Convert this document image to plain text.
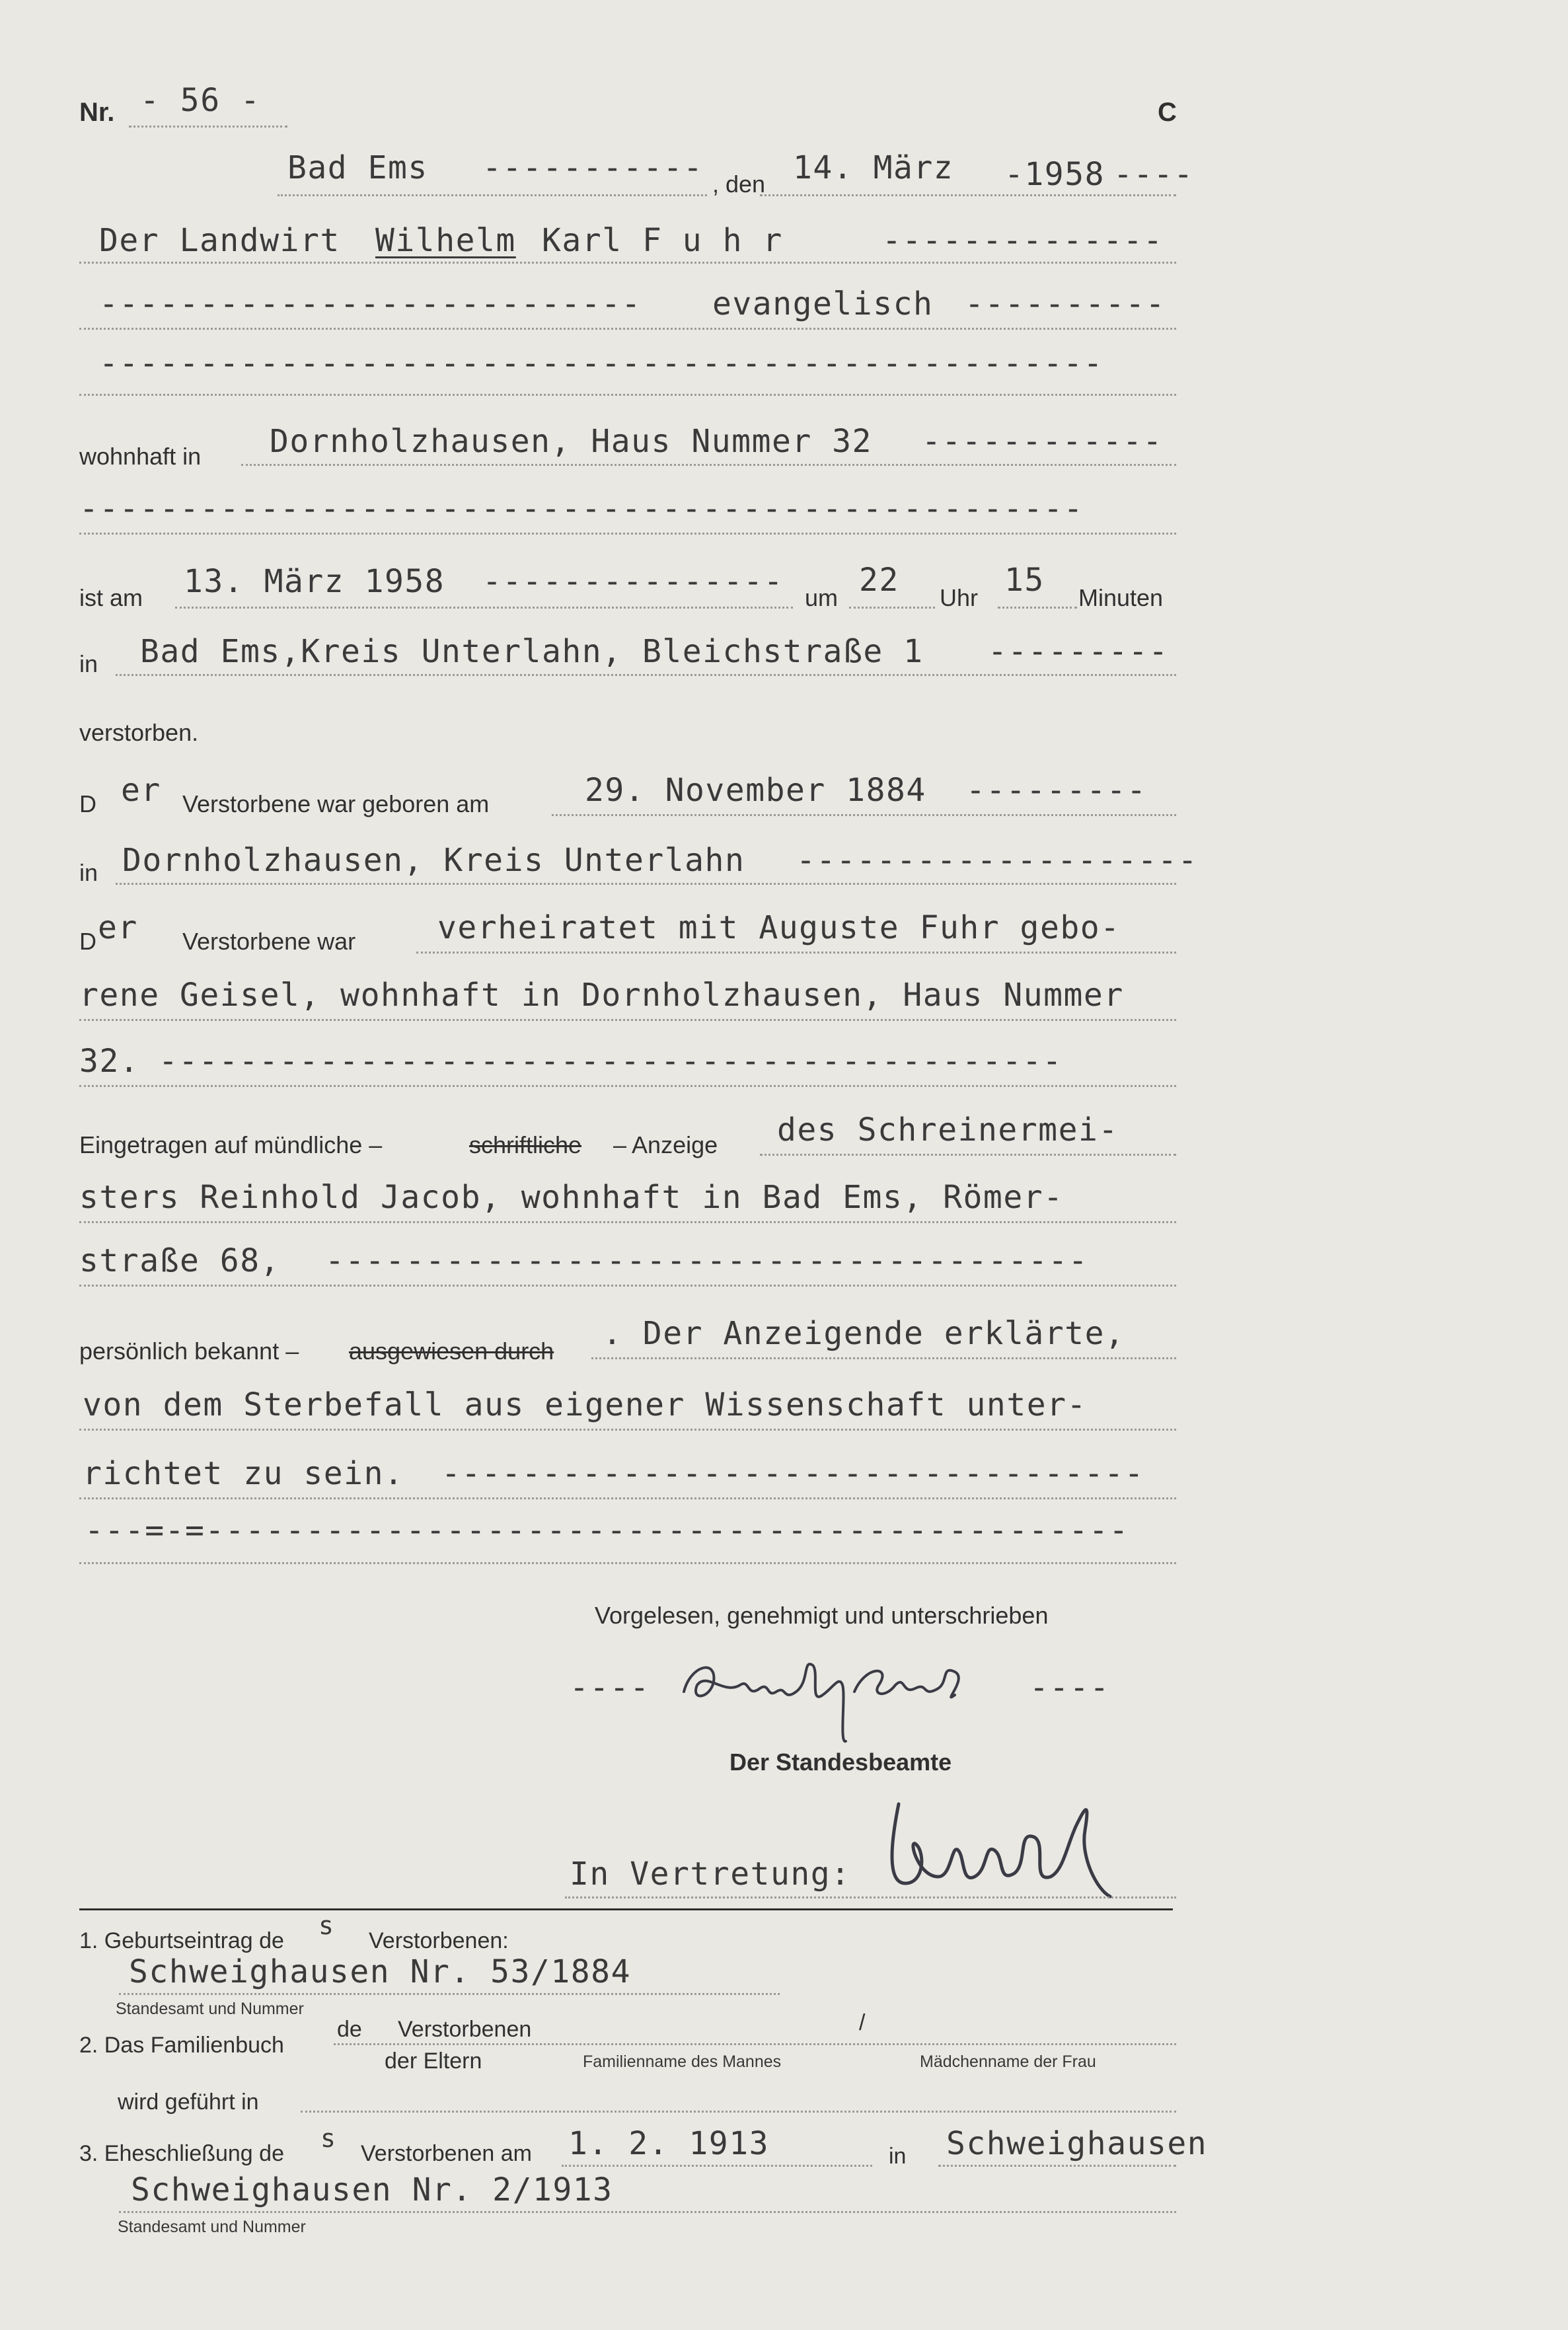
Nr. - 56 -	C
Bad Ems ----------- , den 14. März -1958 ----
Der Landwirt Wilhelm Karl F u h r	--------------
--------------------------- evangelisch ----------
--------------------------------------------------
wohnhaft in Dornholzhausen, Haus Nummer 32 ------------
--------------------------------------------------
ist am 13. März 1958 --------------- um 22 Uhr 15 Minuten
in Bad Ems,Kreis Unterlahn, Bleichstraße 1 ---------
verstorben.
D er Verstorbene war geboren am	29. November 1884 ---------
in Dornholzhausen, Kreis Unterlahn --------------------
D er Verstorbene war	verheiratet mit Auguste Fuhr gebo-
rene Geisel, wohnhaft in Dornholzhausen, Haus Nummer
32. ---------------------------------------------
Eingetragen auf mündliche –	schriftliche – Anzeige des Schreinermei-
sters Reinhold Jacob, wohnhaft in Bad Ems, Römer-
straße 68, --------------------------------------
persönlich bekannt – ausgewiesen durch . Der Anzeigende erklärte,
von dem Sterbefall aus eigener Wissenschaft unter-
richtet zu sein. -----------------------------------
---=-=----------------------------------------------
Vorgelesen, genehmigt und unterschrieben
----	----
Der Standesbeamte
In Vertretung:
1. Geburtseintrag de
s
Verstorbenen:
Schweighausen Nr. 53/1884
Standesamt und Nummer
2. Das Familienbuch
de Verstorbenen	/
der Eltern	Familienname des Mannes	Mädchenname der Frau
wird geführt in
3. Eheschließung de
s
Verstorbenen am 1. 2. 1913	in Schweighausen
Schweighausen Nr. 2/1913
Standesamt und Nummer
